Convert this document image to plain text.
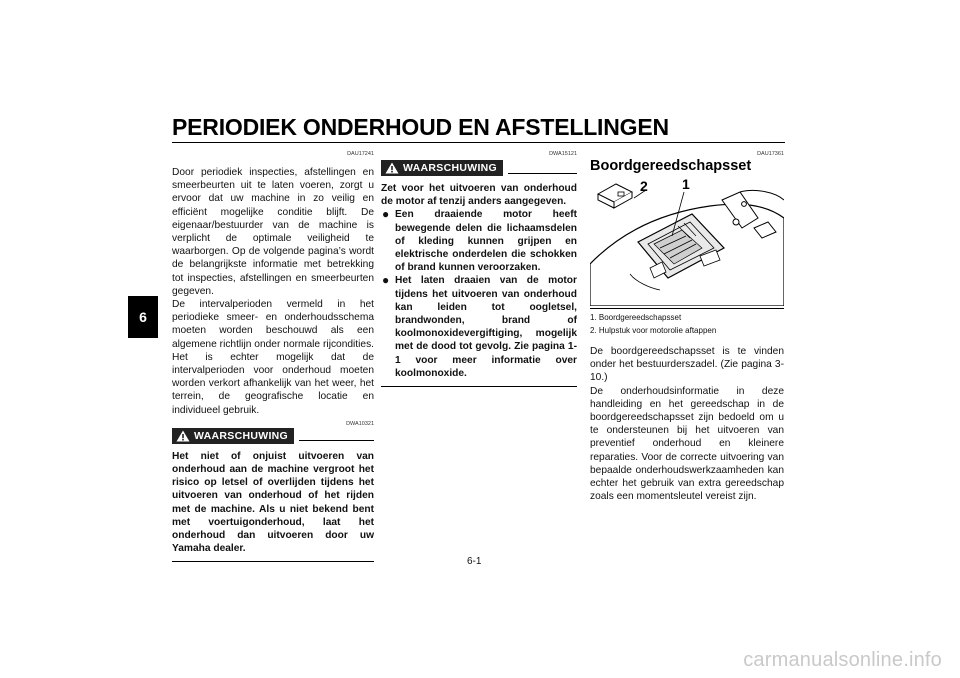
PERIODIEK ONDERHOUD EN AFSTELLINGEN
6
DAU17241

Door periodiek inspecties, afstellingen en smeerbeurten uit te laten voeren, zorgt u ervoor dat uw machine in zo veilig en efficiënt mogelijke conditie blijft. De eigenaar/bestuurder van de machine is verplicht de optimale veiligheid te waarborgen. Op de volgende pagina’s wordt de belangrijkste informatie met betrekking tot inspecties, afstellingen en smeerbeurten gegeven.

De intervalperioden vermeld in het periodieke smeer- en onderhoudsschema moeten worden beschouwd als een algemene richtlijn onder normale rijcondities. Het is echter mogelijk dat de intervalperioden voor onderhoud moeten worden verkort afhankelijk van het weer, het terrein, de geografische locatie en individueel gebruik.

DWA10321
WAARSCHUWING

Het niet of onjuist uitvoeren van onderhoud aan de machine vergroot het risico op letsel of overlijden tijdens het uitvoeren van onderhoud of het rijden met de machine. Als u niet bekend bent met voertuigonderhoud, laat het onderhoud dan uitvoeren door uw Yamaha dealer.

DWA15121
WAARSCHUWING

Zet voor het uitvoeren van onderhoud de motor af tenzij anders aangegeven.

● Een draaiende motor heeft bewegende delen die lichaamsdelen of kleding kunnen grijpen en elektrische onderdelen die schokken of brand kunnen veroorzaken.
● Het laten draaien van de motor tijdens het uitvoeren van onderhoud kan leiden tot oogletsel, brandwonden, brand of koolmonoxidevergiftiging, mogelijk met de dood tot gevolg. Zie pagina 1-1 voor meer informatie over koolmonoxide.
DAU17361
Boordgereedschapsset
2 1
1. Boordgereedschapsset
2. Hulpstuk voor motorolie aftappen

De boordgereedschapsset is te vinden onder het bestuurderszadel. (Zie pagina 3-10.)

De onderhoudsinformatie in deze handleiding en het gereedschap in de boordgereedschapsset zijn bedoeld om u te ondersteunen bij het uitvoeren van preventief onderhoud en kleinere reparaties. Voor de correcte uitvoering van bepaalde onderhoudswerkzaamheden kan echter het gebruik van extra gereedschap zoals een momentsleutel vereist zijn.

6-1
carmanualsonline.info
